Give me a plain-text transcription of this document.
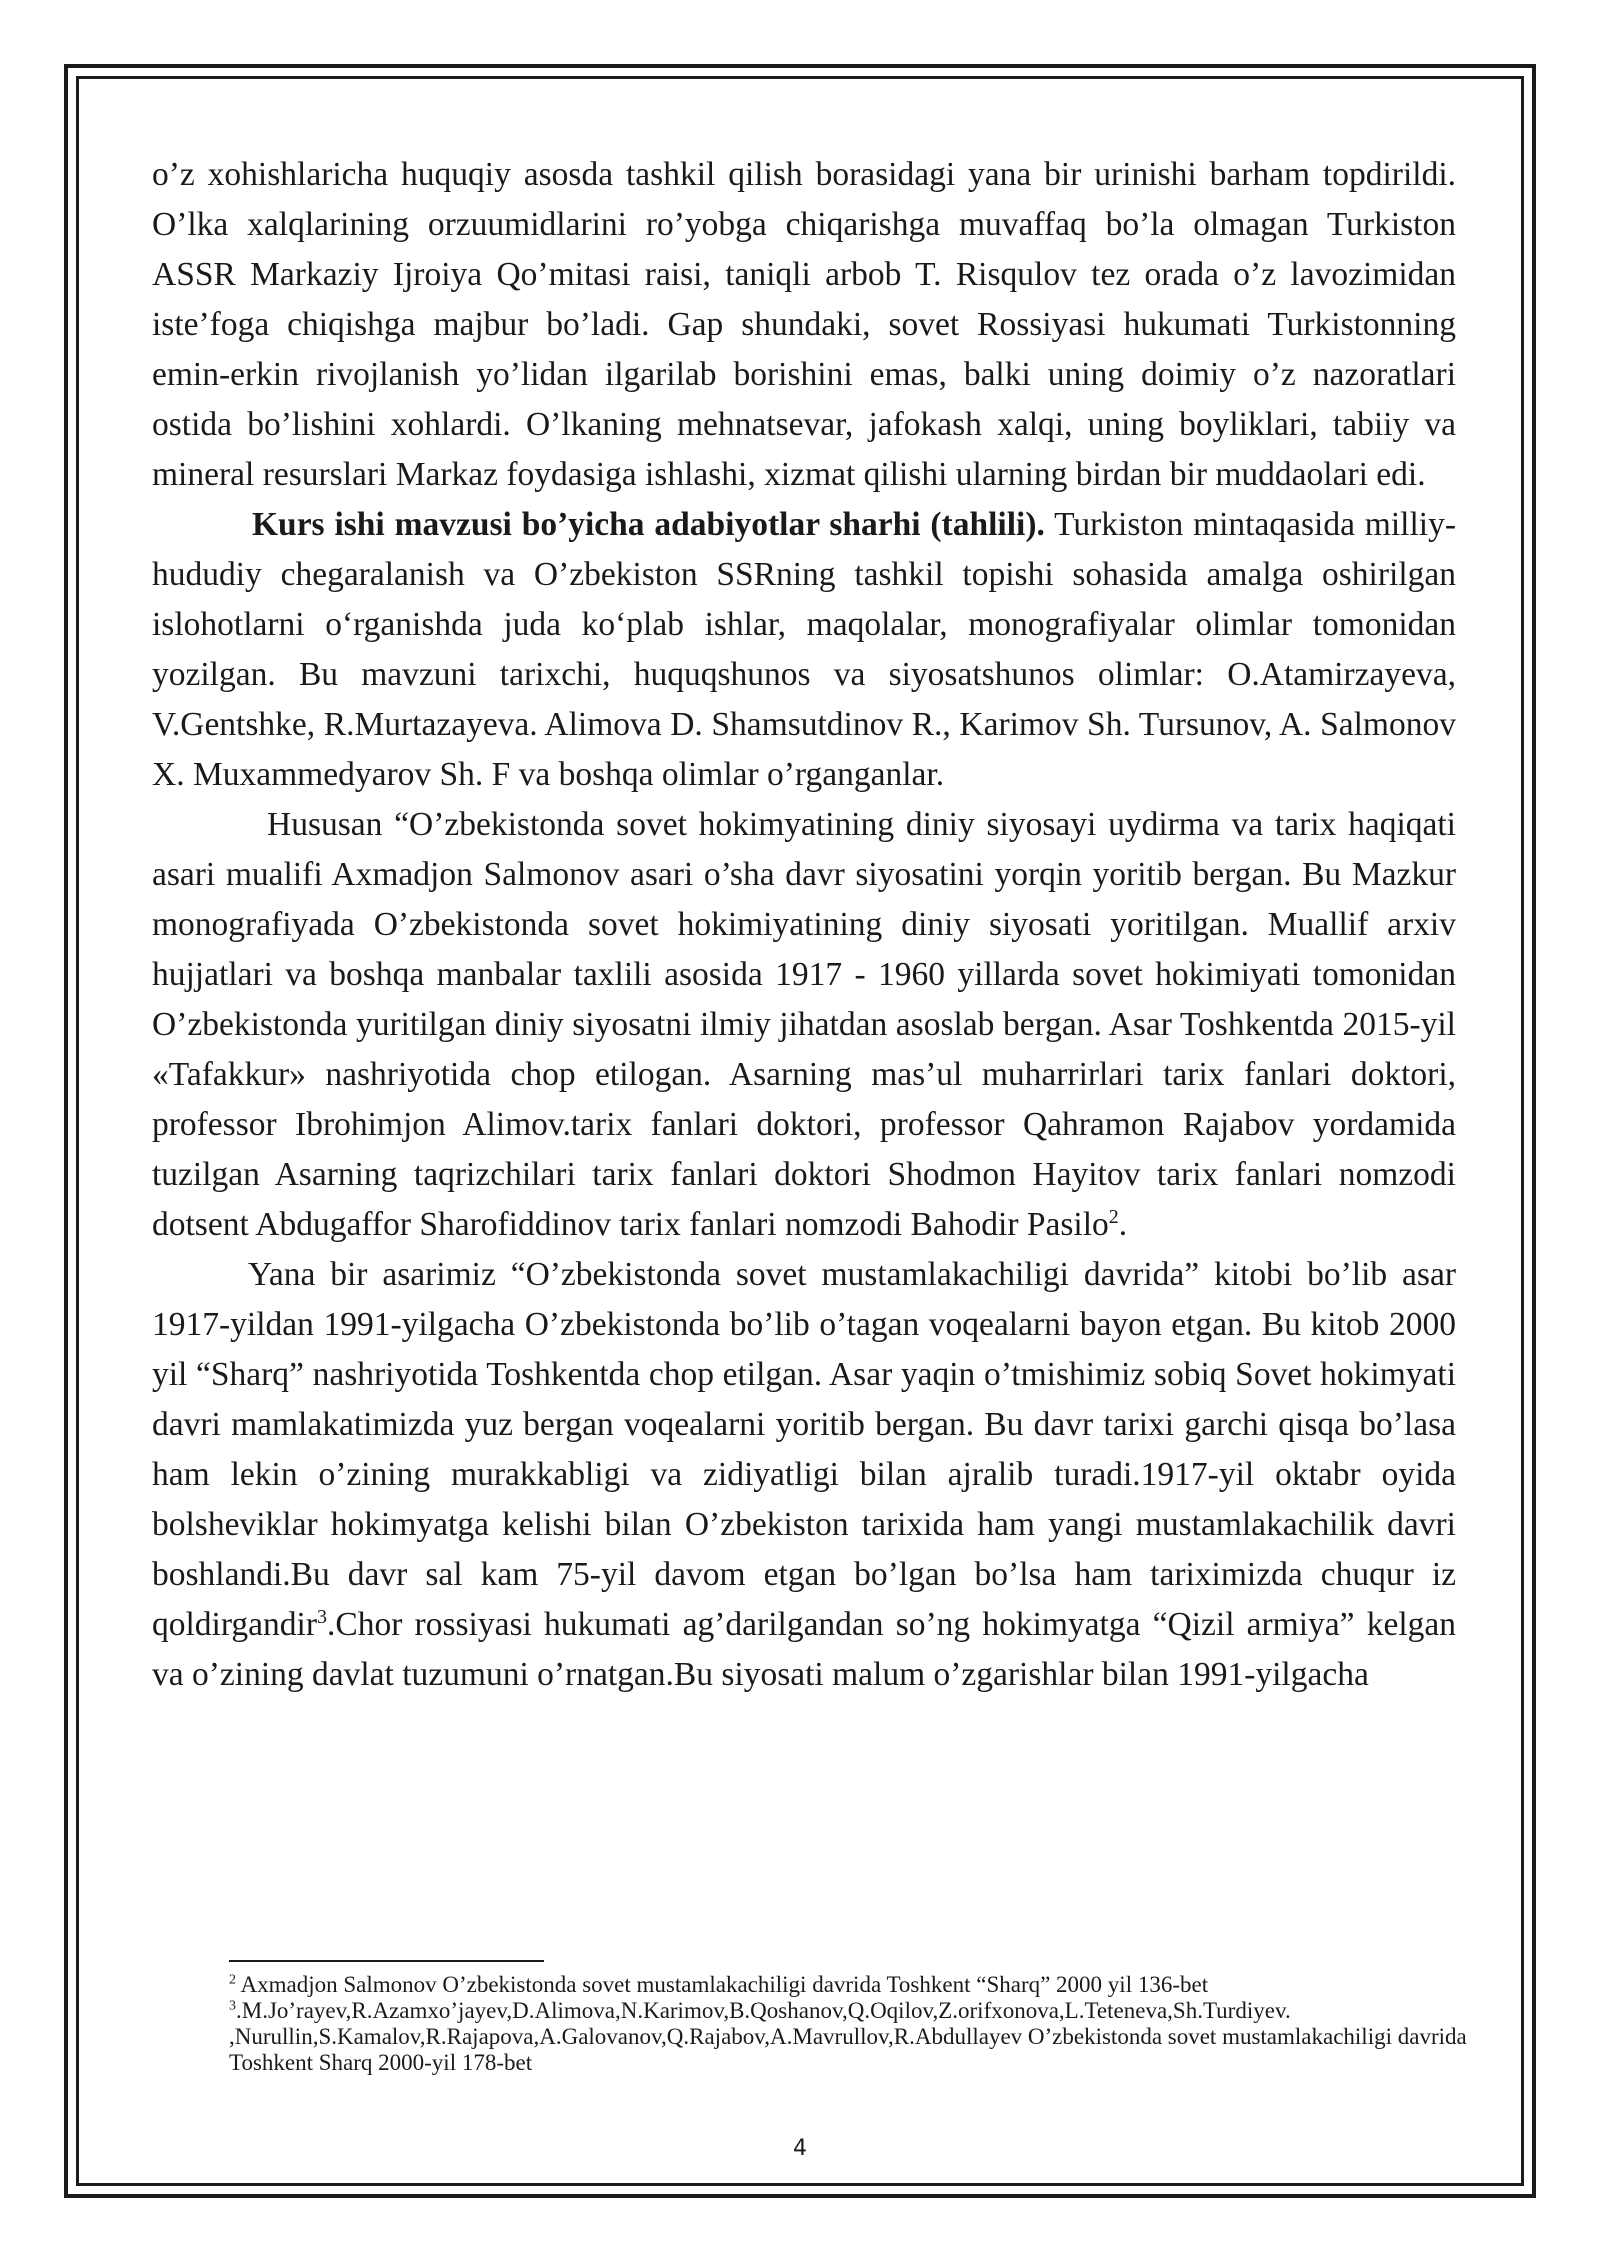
o’z xohishlaricha huquqiy asosda tashkil qilish borasidagi yana bir urinishi barham topdirildi. O’lka xalqlarining orzuumidlarini ro’yobga chiqarishga muvaffaq bo’la olmagan Turkiston ASSR Markaziy Ijroiya Qo’mitasi raisi, taniqli arbob T. Risqulov tez orada o’z lavozimidan iste’foga chiqishga majbur bo’ladi. Gap shundaki, sovet Rossiyasi hukumati Turkistonning emin-erkin rivojlanish yo’lidan ilgarilab borishini emas, balki uning doimiy o’z nazoratlari ostida bo’lishini xohlardi. O’lkaning mehnatsevar, jafokash xalqi, uning boyliklari, tabiiy va mineral resurslari Markaz foydasiga ishlashi, xizmat qilishi ularning birdan bir muddaolari edi.

Kurs ishi mavzusi bo’yicha adabiyotlar sharhi (tahlili). Turkiston mintaqasida milliy-hududiy chegaralanish va O’zbekiston SSRning tashkil topishi sohasida amalga oshirilgan islohotlarni o‘rganishda juda ko‘plab ishlar, maqolalar, monografiyalar olimlar tomonidan yozilgan. Bu mavzuni tarixchi, huquqshunos va siyosatshunos olimlar: O.Atamirzayeva, V.Gentshke, R.Murtazayeva. Alimova D. Shamsutdinov R., Karimov Sh. Tursunov, A. Salmonov X. Muxammedyarov Sh. F va boshqa olimlar o’rganganlar.

Hususan “O’zbekistonda sovet hokimyatining diniy siyosayi uydirma va tarix haqiqati asari mualifi Axmadjon Salmonov asari o’sha davr siyosatini yorqin yoritib bergan. Bu Mazkur monografiyada O’zbekistonda sovet hokimiyatining diniy siyosati yoritilgan. Muallif arxiv hujjatlari va boshqa manbalar taxlili asosida 1917 - 1960 yillarda sovet hokimiyati tomonidan O’zbekistonda yuritilgan diniy siyosatni ilmiy jihatdan asoslab bergan. Asar Toshkentda 2015-yil «Tafakkur» nashriyotida chop etilogan. Asarning mas’ul muharrirlari tarix fanlari doktori, professor Ibrohimjon Alimov.tarix fanlari doktori, professor Qahramon Rajabov yordamida tuzilgan Asarning taqrizchilari tarix fanlari doktori Shodmon Hayitov tarix fanlari nomzodi dotsent Abdugaffor Sharofiddinov tarix fanlari nomzodi Bahodir Pasilo$^2$.

Yana bir asarimiz “O’zbekistonda sovet mustamlakachiligi davrida” kitobi bo’lib asar 1917-yildan 1991-yilgacha O’zbekistonda bo’lib o’tagan voqealarni bayon etgan. Bu kitob 2000 yil “Sharq” nashriyotida Toshkentda chop etilgan. Asar yaqin o’tmishimiz sobiq Sovet hokimyati davri mamlakatimizda yuz bergan voqealarni yoritib bergan. Bu davr tarixi garchi qisqa bo’lasa ham lekin o’zining murakkabligi va zidiyatligi bilan ajralib turadi.1917-yil oktabr oyida bolsheviklar hokimyatga kelishi bilan O’zbekiston tarixida ham yangi mustamlakachilik davri boshlandi.Bu davr sal kam 75-yil davom etgan bo’lgan bo’lsa ham tariximizda chuqur iz qoldirgandir$^3$.Chor rossiyasi hukumati ag’darilgandan so’ng hokimyatga “Qizil armiya” kelgan va o’zining davlat tuzumuni o’rnatgan.Bu siyosati malum o’zgarishlar bilan 1991-yilgacha

$^2$ Axmadjon Salmonov O’zbekistonda sovet mustamlakachiligi davrida Toshkent “Sharq” 2000 yil 136-bet

$^3$.M.Jo’rayev,R.Azamxo’jayev,D.Alimova,N.Karimov,B.Qoshanov,Q.Oqilov,Z.orifxonova,L.Teteneva,Sh.Turdiyev. ,Nurullin,S.Kamalov,R.Rajapova,A.Galovanov,Q.Rajabov,A.Mavrullov,R.Abdullayev O’zbekistonda sovet mustamlakachiligi davrida Toshkent Sharq 2000-yil 178-bet

4
